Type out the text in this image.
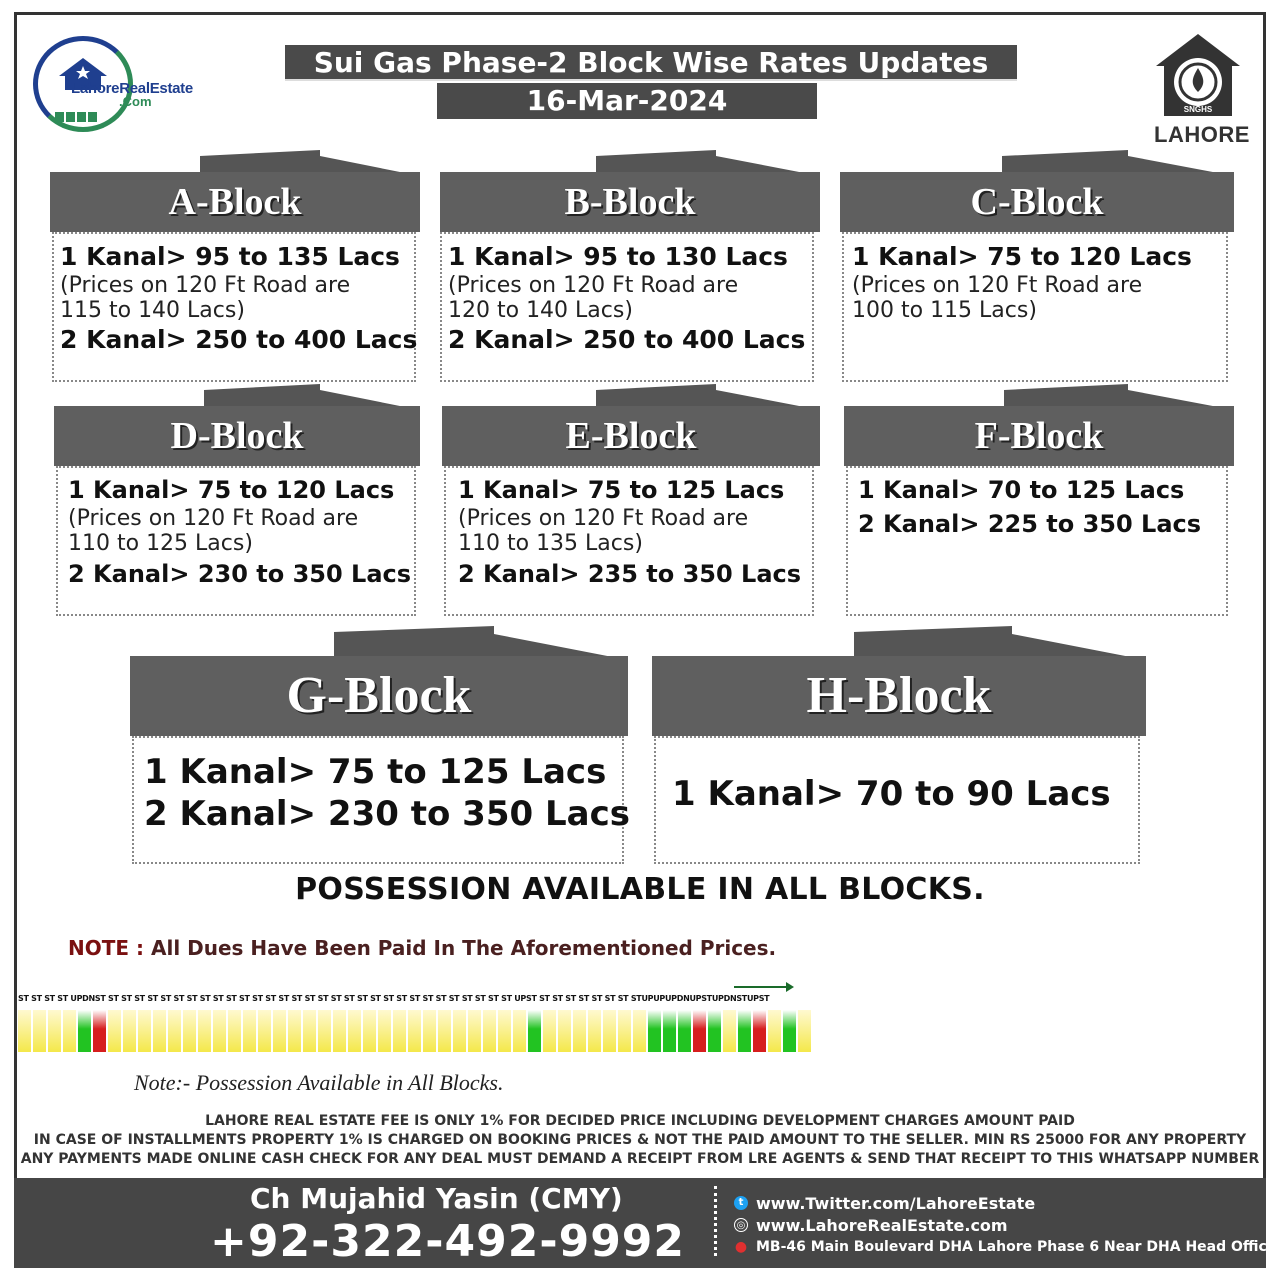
LahoreRealEstate
.Com
Sui Gas Phase-2 Block Wise Rates Updates
16-Mar-2024	SNGHS
LAHORE
A-Block
1 Kanal> 95 to 135 Lacs
(Prices on 120 Ft Road are
115 to 140 Lacs)
2 Kanal> 250 to 400 Lacs
B-Block
1 Kanal> 95 to 130 Lacs
(Prices on 120 Ft Road are
120 to 140 Lacs)
2 Kanal> 250 to 400 Lacs
C-Block
1 Kanal> 75 to 120 Lacs
(Prices on 120 Ft Road are
100 to 115 Lacs)
D-Block
1 Kanal> 75 to 120 Lacs
(Prices on 120 Ft Road are
110 to 125 Lacs)
2 Kanal> 230 to 350 Lacs
E-Block
1 Kanal> 75 to 125 Lacs
(Prices on 120 Ft Road are
110 to 135 Lacs)
2 Kanal> 235 to 350 Lacs
F-Block
1 Kanal> 70 to 125 Lacs
2 Kanal> 225 to 350 Lacs
G-Block
1 Kanal> 75 to 125 Lacs
2 Kanal> 230 to 350 Lacs
H-Block
1 Kanal> 70 to 90 Lacs
POSSESSION AVAILABLE IN ALL BLOCKS.
NOTE : All Dues Have Been Paid In The Aforementioned Prices.
ST ST ST ST UPDNST ST ST ST ST ST ST ST ST ST ST ST ST ST ST ST ST ST ST ST ST ST ST ST ST ST ST ST ST ST ST ST UPST ST ST ST ST ST ST ST STUPUPUPDNUPSTUPDNSTUPST
Note:- Possession Available in All Blocks.
LAHORE REAL ESTATE FEE IS ONLY 1% FOR DECIDED PRICE INCLUDING DEVELOPMENT CHARGES AMOUNT PAID
IN CASE OF INSTALLMENTS PROPERTY 1% IS CHARGED ON BOOKING PRICES & NOT THE PAID AMOUNT TO THE SELLER. MIN RS 25000 FOR ANY PROPERTY
ANY PAYMENTS MADE ONLINE CASH CHECK FOR ANY DEAL MUST DEMAND A RECEIPT FROM LRE AGENTS & SEND THAT RECEIPT TO THIS WHATSAPP NUMBER
Ch Mujahid Yasin (CMY)
+92-322-492-9992
t www.Twitter.com/LahoreEstate
◎ www.LahoreRealEstate.com
● MB-46 Main Boulevard DHA Lahore Phase 6 Near DHA Head Office
